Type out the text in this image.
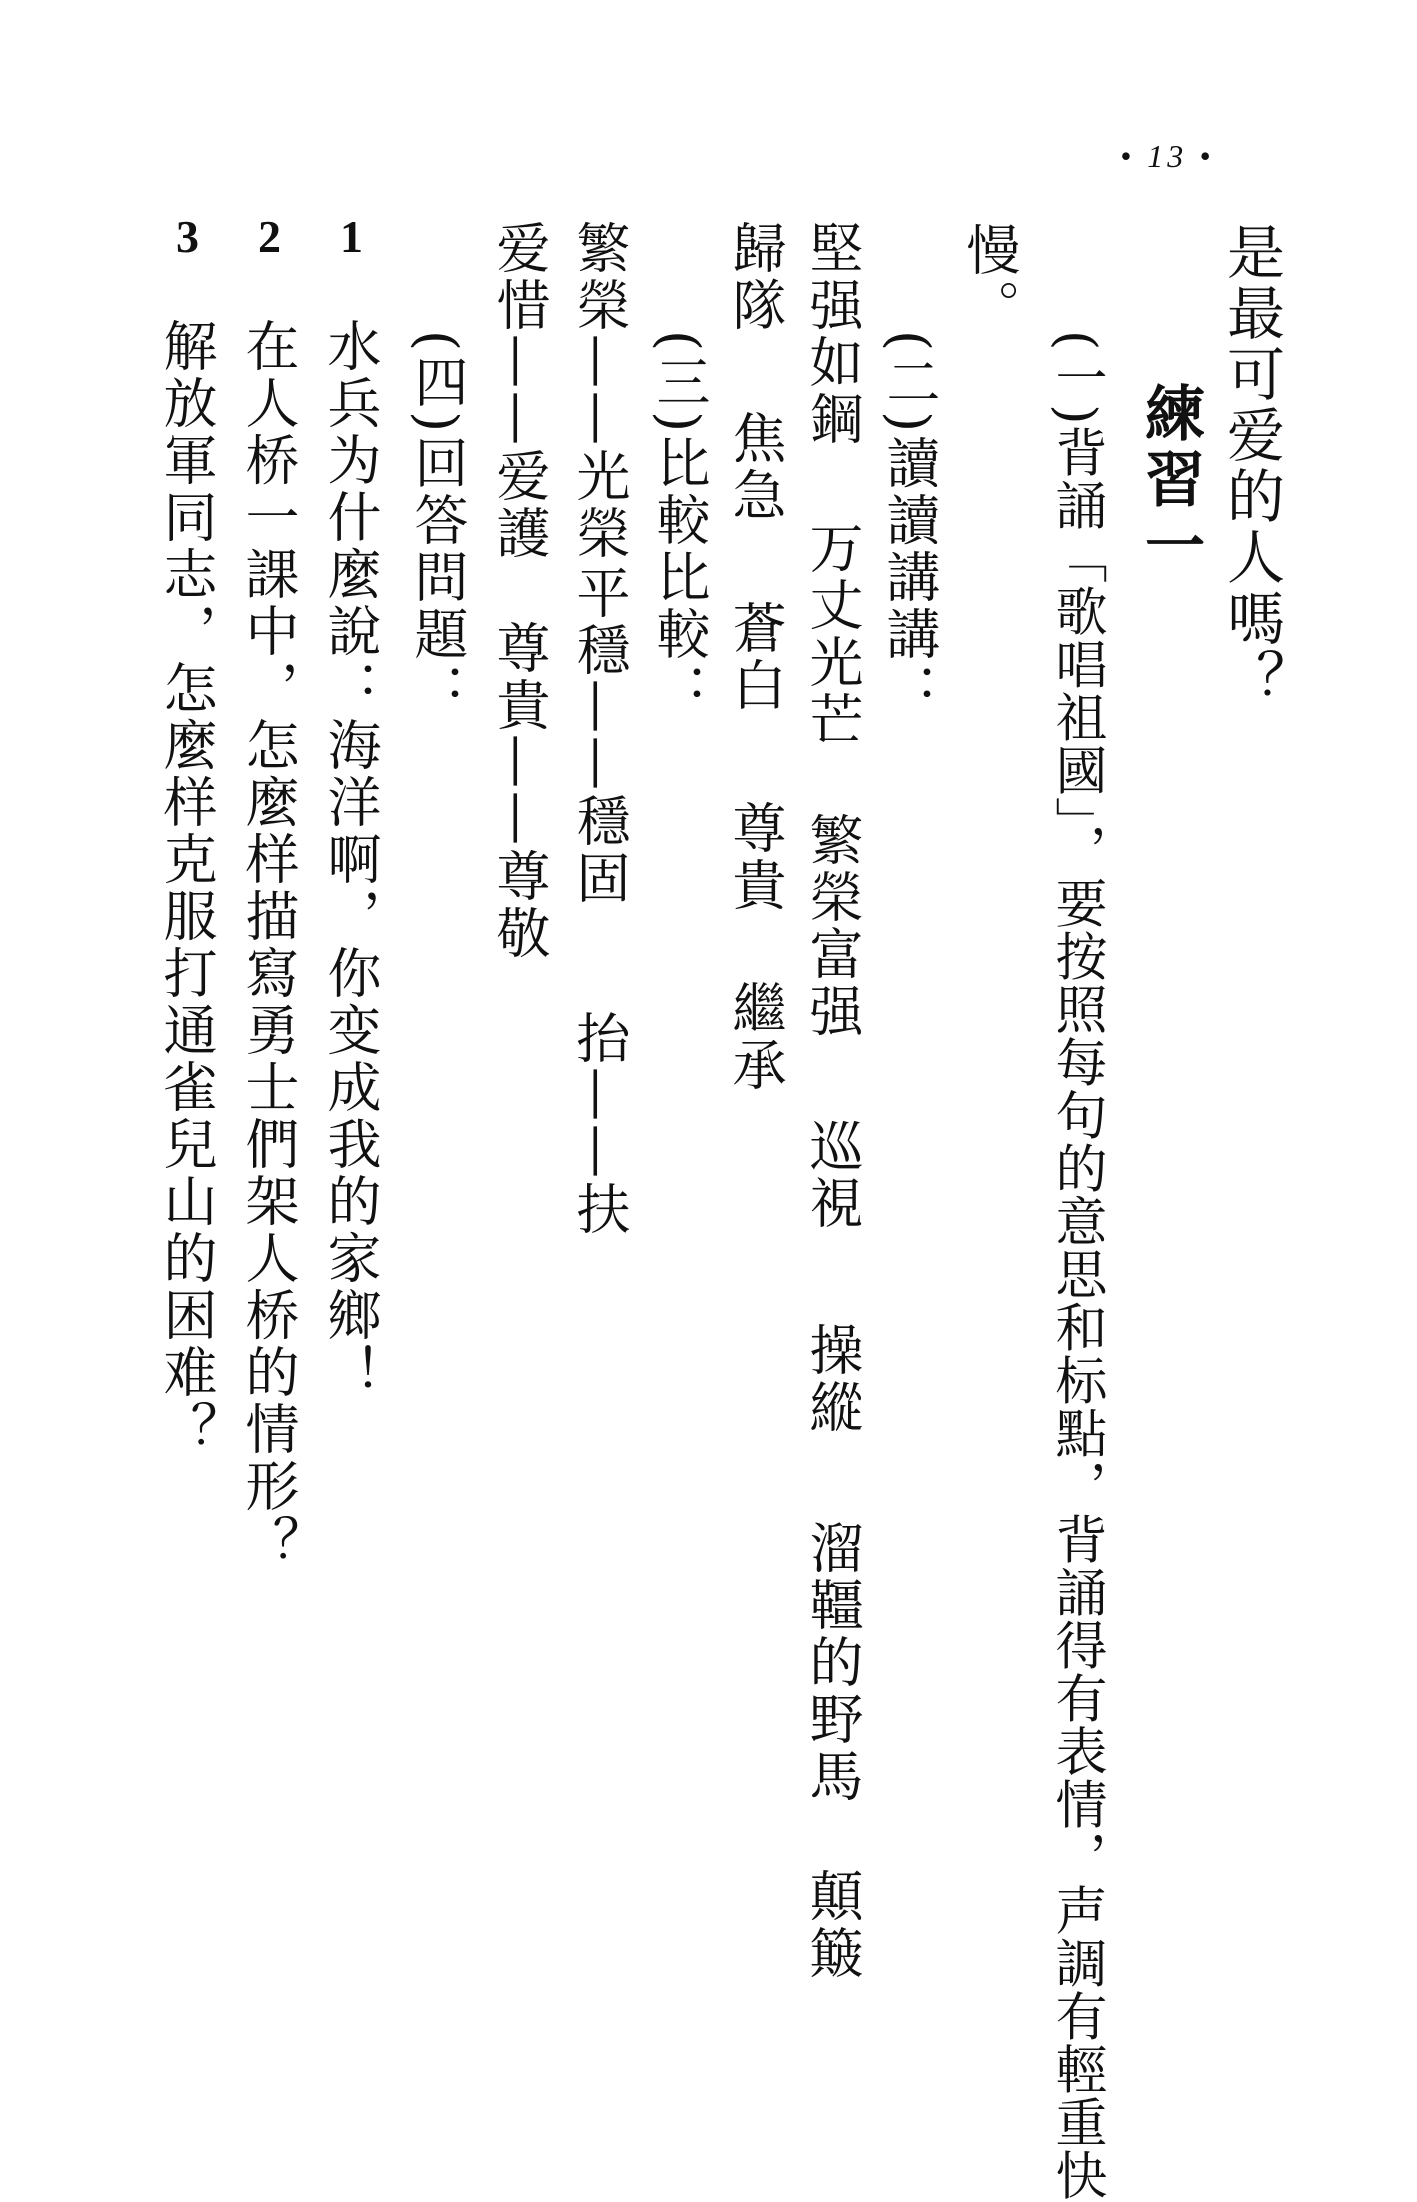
• 13 •
是最可爱的人嗎？
練習一
(一)背誦「歌唱祖國」，要按照每句的意思和标點，背誦得有表情，声調有輕重快
慢。
(二)讀讀講講：
堅强如鋼
万丈光芒
繁榮富强
巡視
操縱
溜韁的野馬
顛簸
歸隊
焦急
蒼白
尊貴
繼承
(三)比較比較：
繁榮——光榮
平穩——穩固
抬——扶
爱惜——爱護
尊貴——尊敬
(四)回答問題：
1
2
3
水兵为什麼說：海洋啊，你变成我的家鄉！
在人桥一課中，怎麼样描寫勇士們架人桥的情形？
解放軍同志，怎麼样克服打通雀兒山的困难？
